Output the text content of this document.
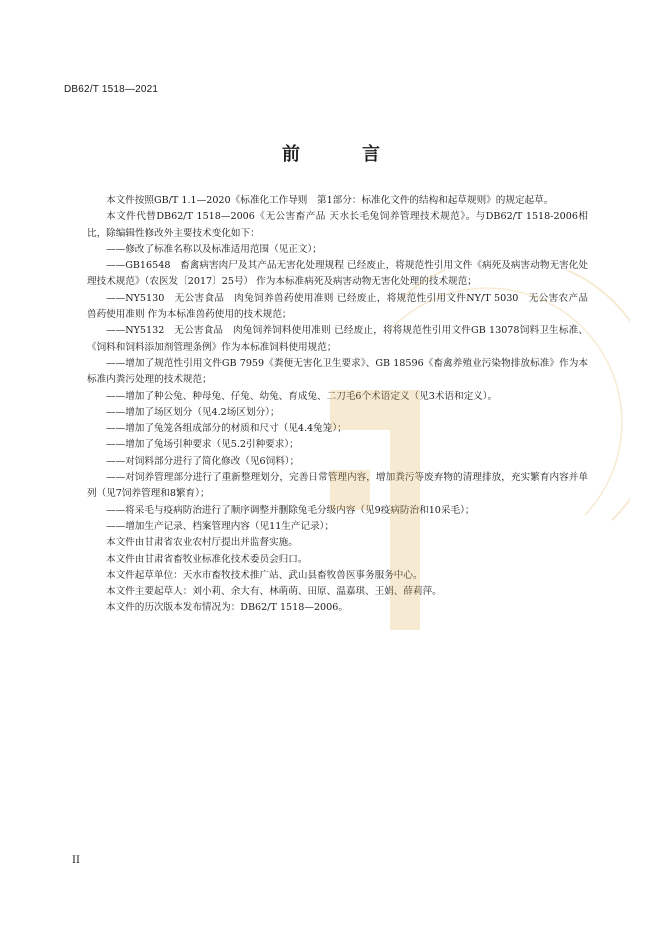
DB62/T 1518—2021
前　言

本文件按照GB/T 1.1—2020《标准化工作导则　第1部分：标准化文件的结构和起草规则》的规定起草。

本文件代替DB62/T 1518—2006《无公害畜产品 天水长毛兔饲养管理技术规范》。与DB62/T 1518-2006相比，除编辑性修改外主要技术变化如下：

——修改了标准名称以及标准适用范围（见正文）；

——GB16548　畜禽病害肉尸及其产品无害化处理规程 已经废止，将规范性引用文件《病死及病害动物无害化处理技术规范》（农医发〔2017〕25号） 作为本标准病死及病害动物无害化处理的技术规范；

——NY5130　无公害食品　肉兔饲养兽药使用准则 已经废止，将规范性引用文件NY/T 5030　无公害农产品　兽药使用准则 作为本标准兽药使用的技术规范；

——NY5132　无公害食品　肉兔饲养饲料使用准则 已经废止，将将规范性引用文件GB 13078饲料卫生标准、《饲料和饲料添加剂管理条例》作为本标准饲料使用规范；

——增加了规范性引用文件GB 7959《粪便无害化卫生要求》、GB 18596《畜禽养殖业污染物排放标准》作为本标准内粪污处理的技术规范；

——增加了种公兔、种母兔、仔兔、幼兔、育成兔、二刀毛6个术语定义（见3术语和定义）。

——增加了场区划分（见4.2场区划分）；

——增加了兔笼各组成部分的材质和尺寸（见4.4兔笼）；

——增加了兔场引种要求（见5.2引种要求）；

——对饲料部分进行了简化修改（见6饲料）；

——对饲养管理部分进行了重新整理划分，完善日常管理内容，增加粪污等废弃物的清理排放，充实繁育内容并单列（见7饲养管理和8繁育）；

——将采毛与疫病防治进行了顺序调整并删除兔毛分级内容（见9疫病防治和10采毛）；

——增加生产记录、档案管理内容（见11生产记录）；

本文件由甘肃省农业农村厅提出并监督实施。

本文件由甘肃省畜牧业标准化技术委员会归口。

本文件起草单位：天水市畜牧技术推广站、武山县畜牧兽医事务服务中心。

本文件主要起草人：刘小莉、余大有、林萌萌、田原、温嘉琪、王娟、薛莉萍。

本文件的历次版本发布情况为：DB62/T 1518—2006。

II
